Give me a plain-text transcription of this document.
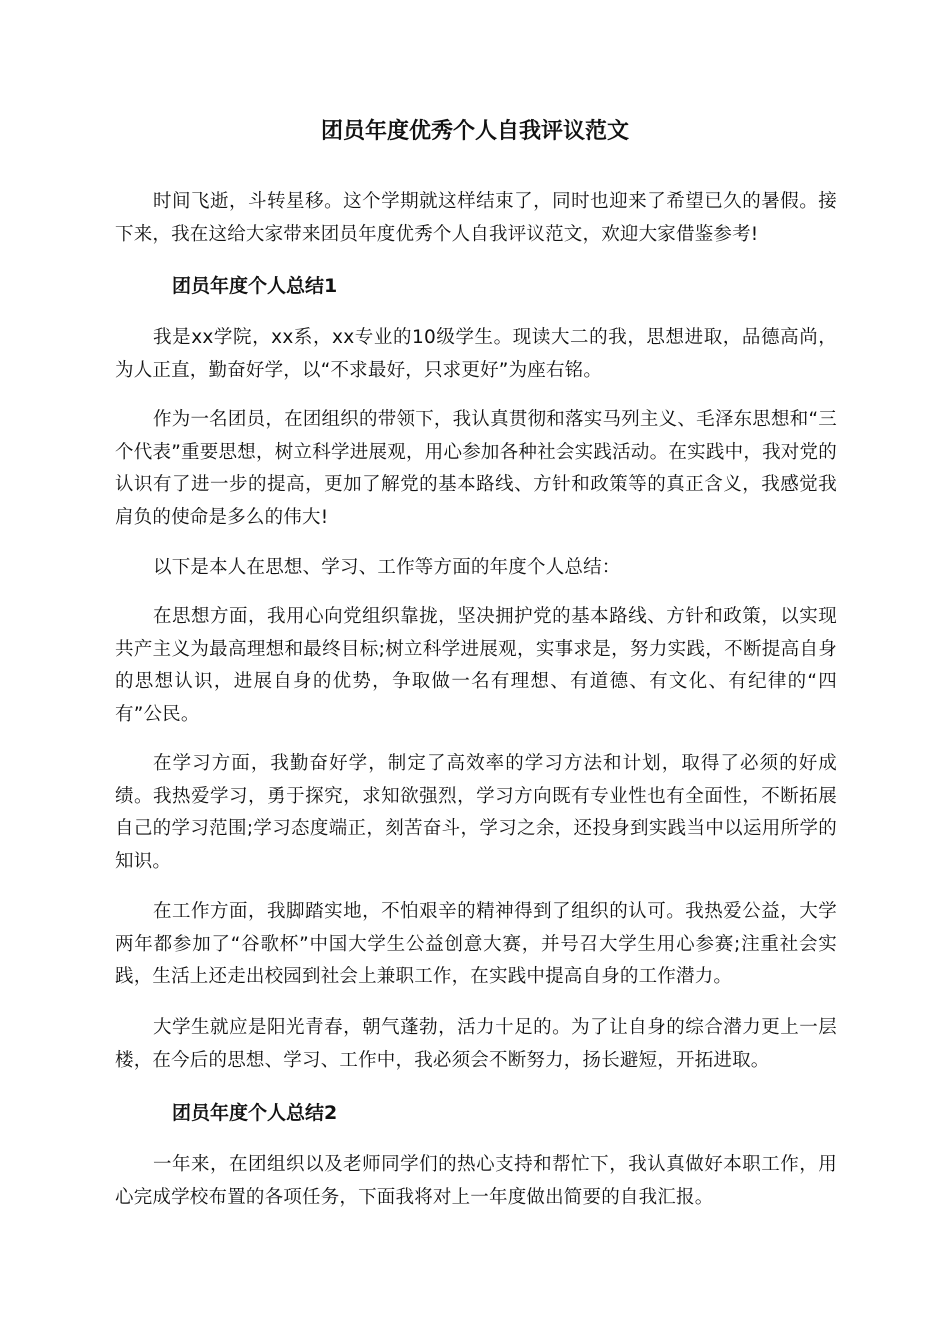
团员年度优秀个人自我评议范文

时间飞逝，斗转星移。这个学期就这样结束了，同时也迎来了希望已久的暑假。接下来，我在这给大家带来团员年度优秀个人自我评议范文，欢迎大家借鉴参考!

团员年度个人总结1

我是xx学院，xx系，xx专业的10级学生。现读大二的我，思想进取，品德高尚，为人正直，勤奋好学，以“不求最好，只求更好”为座右铭。

作为一名团员，在团组织的带领下，我认真贯彻和落实马列主义、毛泽东思想和“三个代表”重要思想，树立科学进展观，用心参加各种社会实践活动。在实践中，我对党的认识有了进一步的提高，更加了解党的基本路线、方针和政策等的真正含义，我感觉我肩负的使命是多么的伟大!

以下是本人在思想、学习、工作等方面的年度个人总结：

在思想方面，我用心向党组织靠拢，坚决拥护党的基本路线、方针和政策，以实现共产主义为最高理想和最终目标;树立科学进展观，实事求是，努力实践，不断提高自身的思想认识，进展自身的优势，争取做一名有理想、有道德、有文化、有纪律的“四有”公民。

在学习方面，我勤奋好学，制定了高效率的学习方法和计划，取得了必须的好成绩。我热爱学习，勇于探究，求知欲强烈，学习方向既有专业性也有全面性，不断拓展自己的学习范围;学习态度端正，刻苦奋斗，学习之余，还投身到实践当中以运用所学的知识。

在工作方面，我脚踏实地，不怕艰辛的精神得到了组织的认可。我热爱公益，大学两年都参加了“谷歌杯”中国大学生公益创意大赛，并号召大学生用心参赛;注重社会实践，生活上还走出校园到社会上兼职工作，在实践中提高自身的工作潜力。

大学生就应是阳光青春，朝气蓬勃，活力十足的。为了让自身的综合潜力更上一层楼，在今后的思想、学习、工作中，我必须会不断努力，扬长避短，开拓进取。

团员年度个人总结2

一年来，在团组织以及老师同学们的热心支持和帮忙下，我认真做好本职工作，用心完成学校布置的各项任务，下面我将对上一年度做出简要的自我汇报。
